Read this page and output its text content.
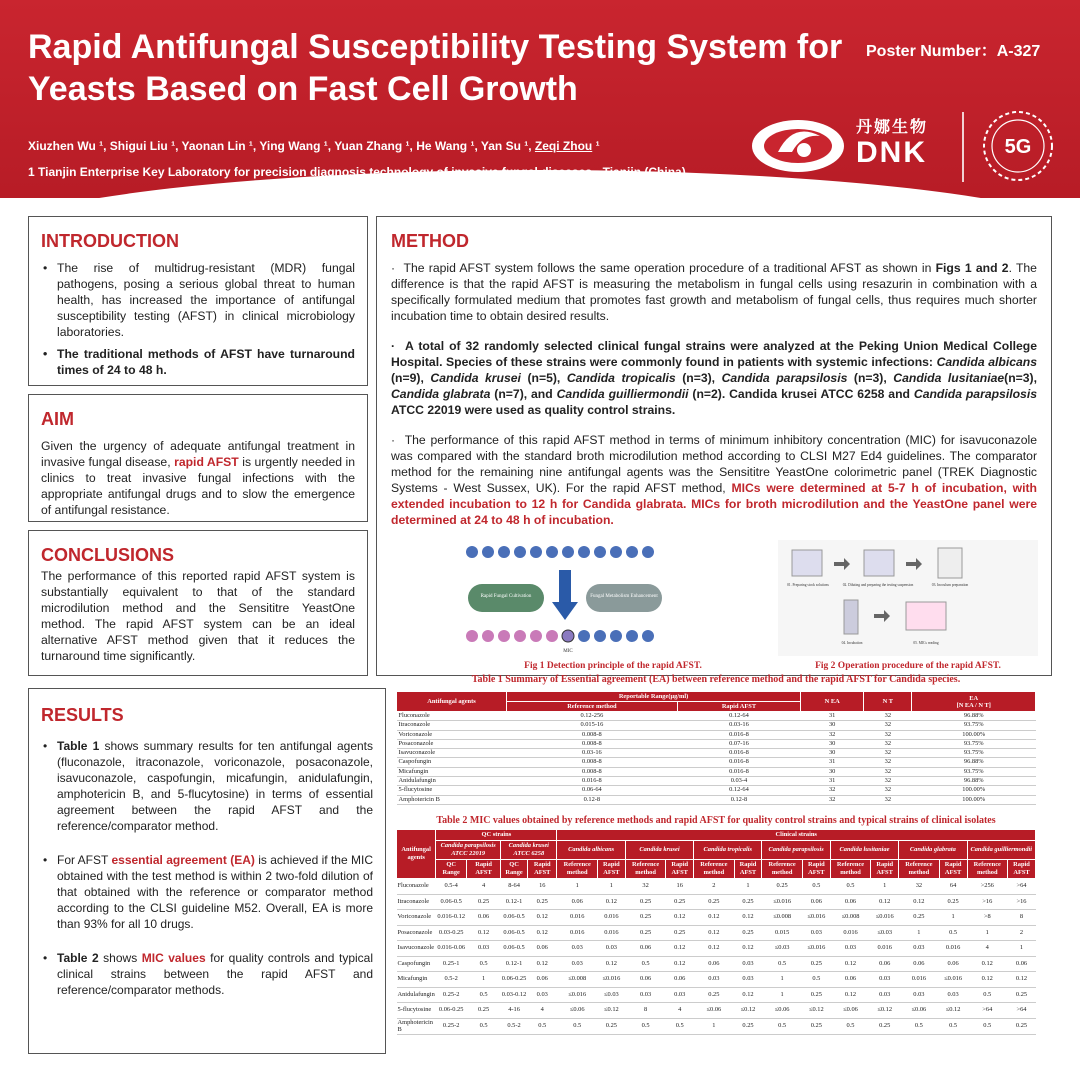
Rapid Antifungal Susceptibility Testing System for Yeasts Based on Fast Cell Growth
Poster Number：A-327
Xiuzhen Wu ¹, Shigui Liu ¹, Yaonan Lin ¹, Ying Wang ¹, Yuan Zhang ¹, He Wang ¹, Yan Su ¹, Zeqi Zhou ¹
1 Tianjin Enterprise Key Laboratory for precision diagnosis technology of invasive fungal diseases - Tianjin (China)
丹娜生物
DNK	5G
INTRODUCTION
• The rise of multidrug-resistant (MDR) fungal pathogens, posing a serious global threat to human health, has increased the importance of antifungal susceptibility testing (AFST) in clinical microbiology laboratories.
• The traditional methods of AFST have turnaround times of 24 to 48 h.
AIM
Given the urgency of adequate antifungal treatment in invasive fungal disease, rapid AFST is urgently needed in clinics to treat invasive fungal infections with the appropriate antifungal drugs and to slow the emergence of antifungal resistance.
CONCLUSIONS
The performance of this reported rapid AFST system is substantially equivalent to that of the standard microdilution method and the Sensititre YeastOne method. The rapid AFST system can be an ideal alternative AFST method given that it reduces the turnaround time significantly.
METHOD
·  The rapid AFST system follows the same operation procedure of a traditional AFST as shown in Figs 1 and 2. The difference is that the rapid AFST is measuring the metabolism in fungal cells using resazurin in combination with a specifically formulated medium that promotes fast growth and metabolism of fungal cells, thus requires much shorter incubation time to obtain desired results.
·  A total of 32 randomly selected clinical fungal strains were analyzed at the Peking Union Medical College Hospital. Species of these strains were commonly found in patients with systemic infections: Candida albicans (n=9), Candida krusei (n=5), Candida tropicalis (n=3), Candida parapsilosis (n=3), Candida lusitaniae(n=3), Candida glabrata (n=7), and Candida guilliermondii (n=2). Candida krusei ATCC 6258 and Candida parapsilosis ATCC 22019 were used as quality control strains.
·  The performance of this rapid AFST method in terms of minimum inhibitory concentration (MIC) for isavuconazole was compared with the standard broth microdilution method according to CLSI M27 Ed4 guidelines. The comparator method for the remaining nine antifungal agents was the Sensititre YeastOne colorimetric panel (TREK Diagnostic Systems - West Sussex, UK). For the rapid AFST method, MICs were determined at 5-7 h of incubation, with extended incubation to 12 h for Candida glabrata. MICs for broth microdilution and the YeastOne panel were determined at 24 to 48 h of incubation.
Rapid Fungal Cultivation	Fungal Metabolism Enhancement
MIC
Fig 1 Detection principle of the rapid AFST.
01. Preparing stock solutions	02. Diluting and preparing the testing suspension	03. Inoculum preparation
04. Incubation	05. MICs reading
Fig 2 Operation procedure of the rapid AFST.
RESULTS
• Table 1 shows summary results for ten antifungal agents (fluconazole, itraconazole, voriconazole, posaconazole, isavuconazole, caspofungin, micafungin, anidulafungin, amphotericin B, and 5-flucytosine) in terms of essential agreement between the rapid AFST and the reference/comparator method.
• For AFST essential agreement (EA) is achieved if the MIC obtained with the test method is within 2 two-fold dilution of that obtained with the reference or comparator method according to the CLSI guideline M52. Overall, EA is more than 93% for all 10 drugs.
• Table 2 shows MIC values for quality controls and typical clinical strains between the rapid AFST and reference/comparator methods.
Table 1 Summary of Essential agreement (EA) between reference method and the rapid AFST for Candida species.
Antifungal agents	Reportable Range(μg/ml)		N EA	N T	EA
[N EA / N T]
	Reference method	Rapid AFST			
Fluconazole	0.12-256	0.12-64	31	32	96.88%
Itraconazole	0.015-16	0.03-16	30	32	93.75%
Voriconazole	0.008-8	0.016-8	32	32	100.00%
Posaconazole	0.008-8	0.07-16	30	32	93.75%
Isavuconazole	0.03-16	0.016-8	30	32	93.75%
Caspofungin	0.008-8	0.016-8	31	32	96.88%
Micafungin	0.008-8	0.016-8	30	32	93.75%
Anidulafungin	0.016-8	0.03-4	31	32	96.88%
5-flucytosine	0.06-64	0.12-64	32	32	100.00%
Amphotericin B	0.12-8	0.12-8	32	32	100.00%
Table 2 MIC values obtained by reference methods and rapid AFST for quality control strains and typical strains of clinical isolates
Antifungal agents	QC strains				Clinical strains													
	Candida parapsilosis ATCC 22019		Candida krusei ATCC 6258		Candida albicans		Candida krusei		Candida tropicalis		Candida parapsilosis		Candida lusitaniae		Candida glabrata		Candida guilliermondii	
	QC Range	Rapid AFST	QC Range	Rapid AFST	Reference method	Rapid AFST	Reference method	Rapid AFST	Reference method	Rapid AFST	Reference method	Rapid AFST	Reference method	Rapid AFST	Reference method	Rapid AFST	Reference method	Rapid AFST
Fluconazole	0.5-4	4	8-64	16	1	1	32	16	2	1	0.25	0.5	0.5	1	32	64	>256	>64
Itraconazole	0.06-0.5	0.25	0.12-1	0.25	0.06	0.12	0.25	0.25	0.25	0.25	≤0.016	0.06	0.06	0.12	0.12	0.25	>16	>16
Voriconazole	0.016-0.12	0.06	0.06-0.5	0.12	0.016	0.016	0.25	0.12	0.12	0.12	≤0.008	≤0.016	≤0.008	≤0.016	0.25	1	>8	8
Posaconazole	0.03-0.25	0.12	0.06-0.5	0.12	0.016	0.016	0.25	0.25	0.12	0.25	0.015	0.03	0.016	≤0.03	1	0.5	1	2
Isavuconazole	0.016-0.06	0.03	0.06-0.5	0.06	0.03	0.03	0.06	0.12	0.12	0.12	≤0.03	≤0.016	0.03	0.016	0.03	0.016	4	1
Caspofungin	0.25-1	0.5	0.12-1	0.12	0.03	0.12	0.5	0.12	0.06	0.03	0.5	0.25	0.12	0.06	0.06	0.06	0.12	0.06
Micafungin	0.5-2	1	0.06-0.25	0.06	≤0.008	≤0.016	0.06	0.06	0.03	0.03	1	0.5	0.06	0.03	0.016	≤0.016	0.12	0.12
Anidulafungin	0.25-2	0.5	0.03-0.12	0.03	≤0.016	≤0.03	0.03	0.03	0.25	0.12	1	0.25	0.12	0.03	0.03	0.03	0.5	0.25
5-flucytosine	0.06-0.25	0.25	4-16	4	≤0.06	≤0.12	8	4	≤0.06	≤0.12	≤0.06	≤0.12	≤0.06	≤0.12	≤0.06	≤0.12	>64	>64
Amphotericin B	0.25-2	0.5	0.5-2	0.5	0.5	0.25	0.5	0.5	1	0.25	0.5	0.25	0.5	0.25	0.5	0.5	0.5	0.25
